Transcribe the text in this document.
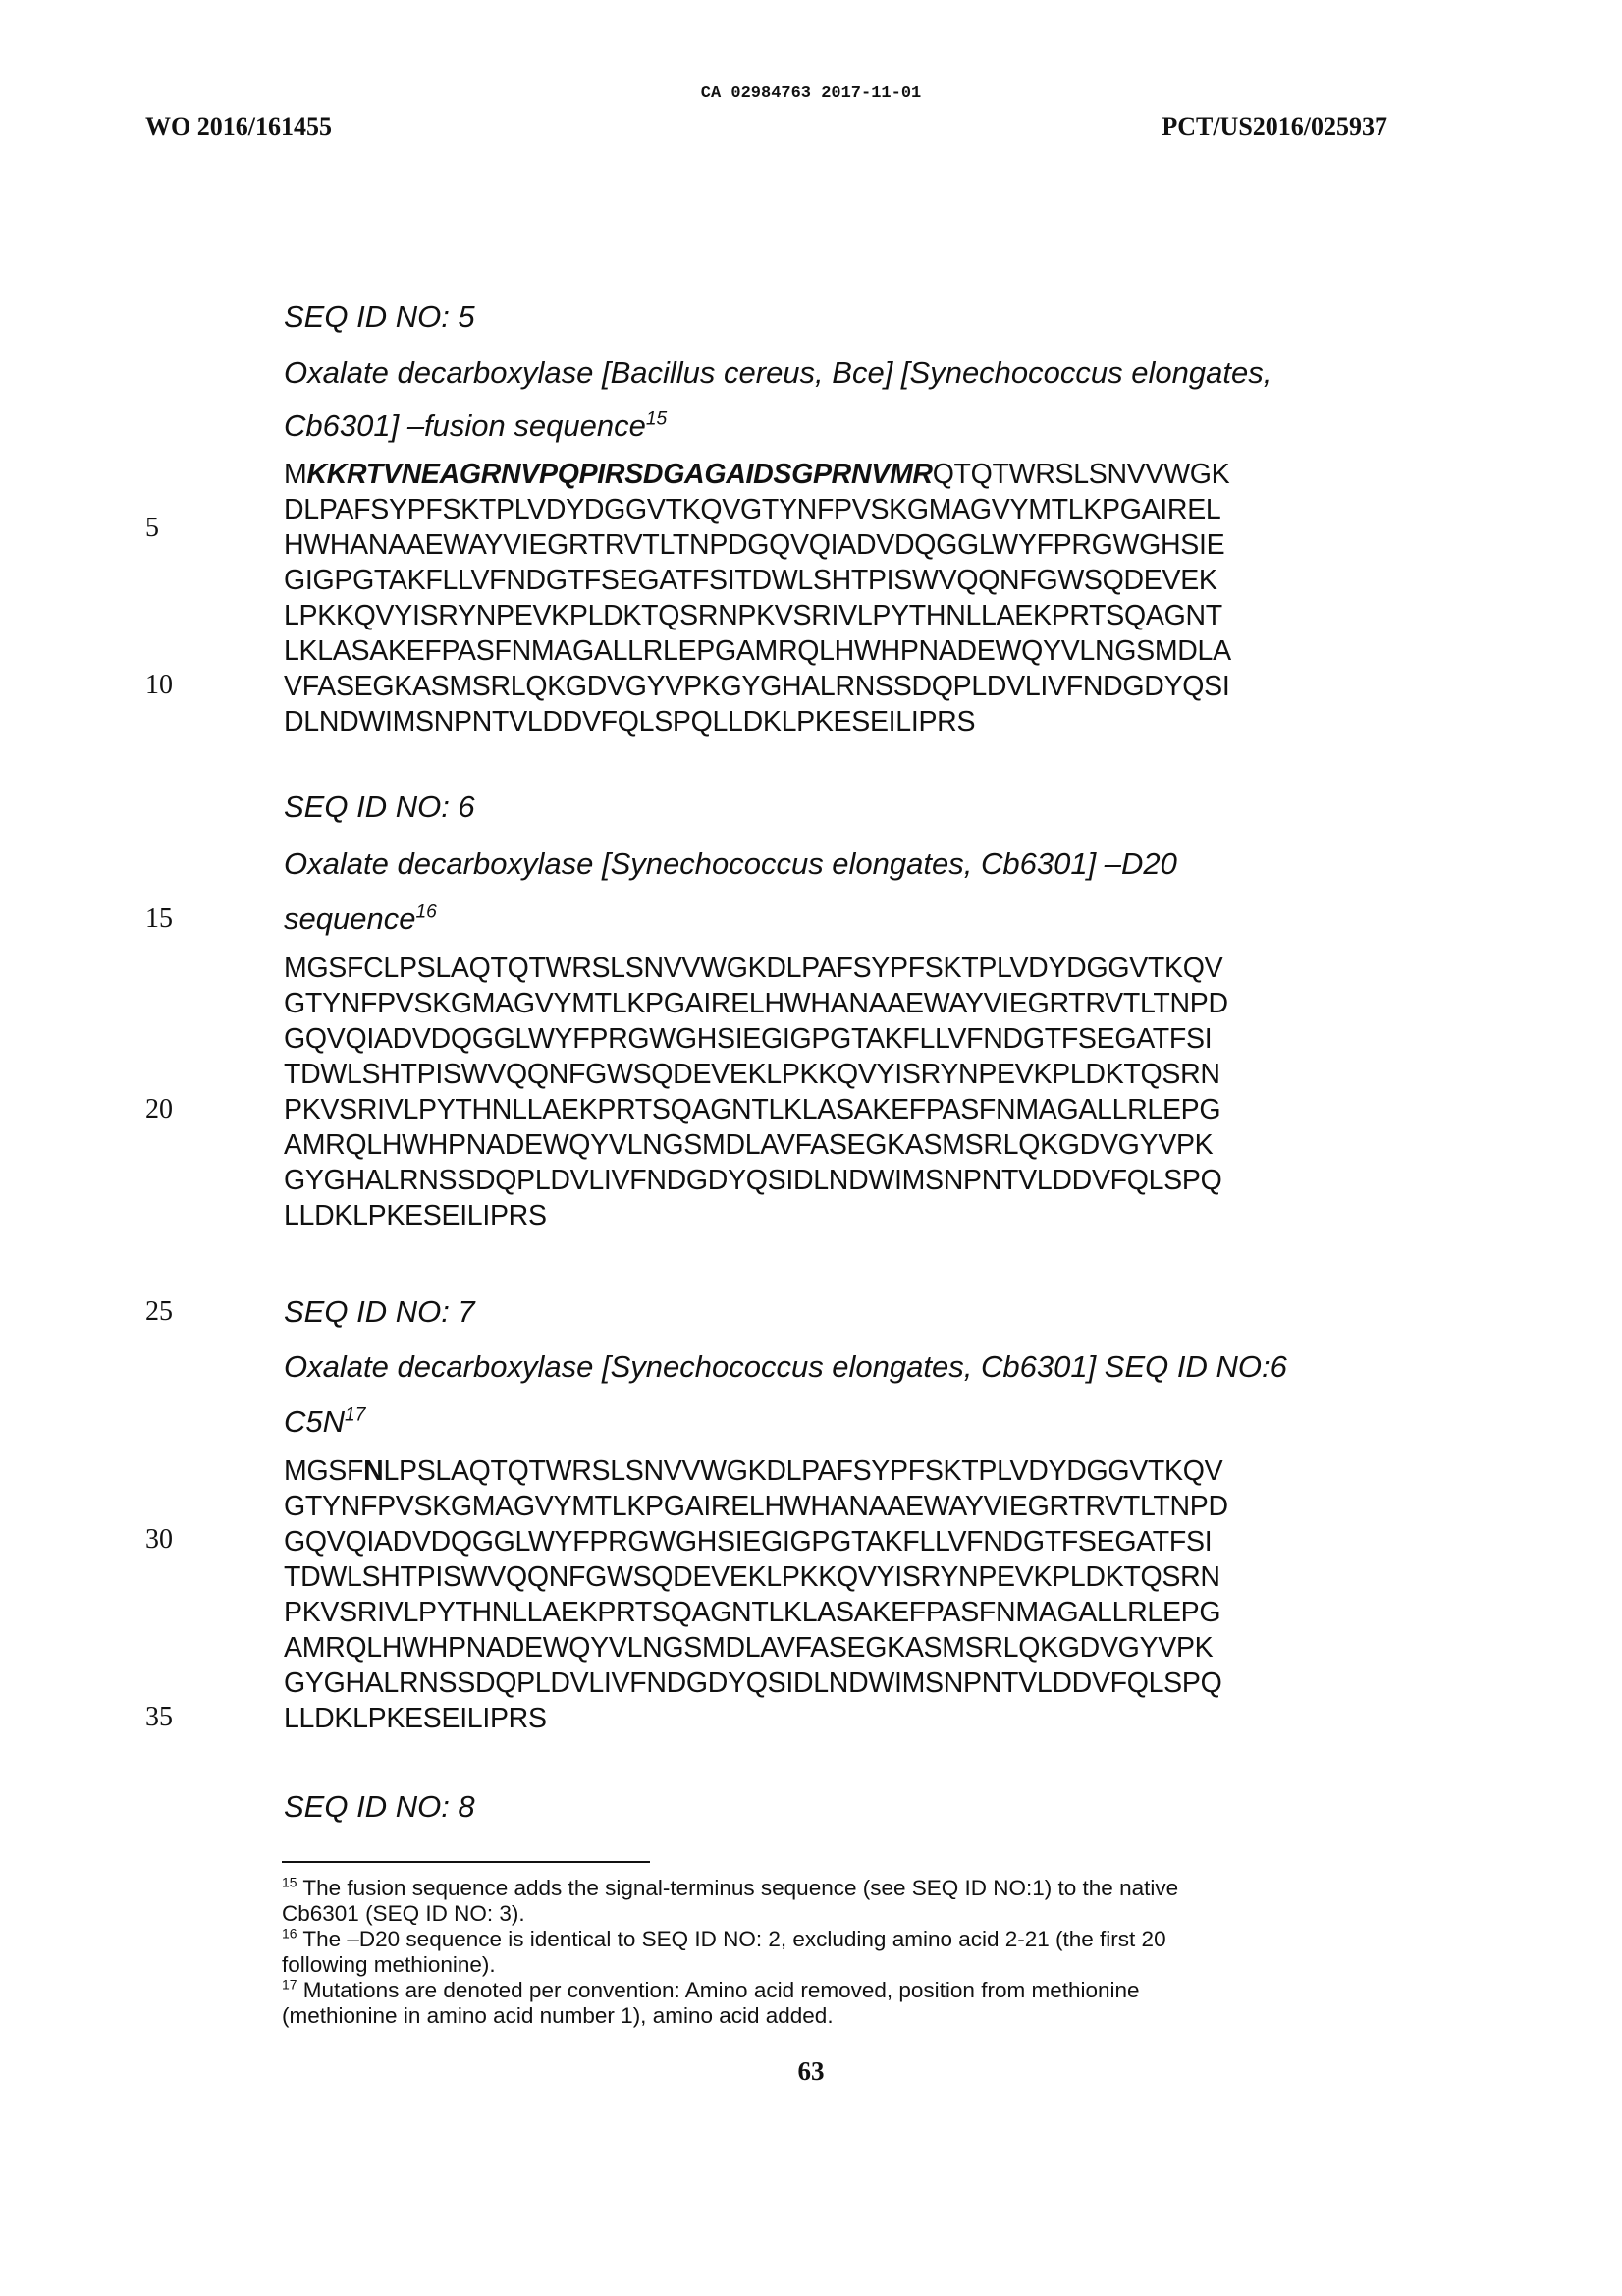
CA 02984763 2017-11-01
WO 2016/161455	PCT/US2016/025937
5
10
15
20
25
30
35
SEQ ID NO: 5
Oxalate decarboxylase [Bacillus cereus, Bce] [Synechococcus elongates,
Cb6301] –fusion sequence$^{15}$
MKKRTVNEAGRNVPQPIRSDGAGAIDSGPRNVMRQTQTWRSLSNVVWGK
DLPAFSYPFSKTPLVDYDGGVTKQVGTYNFPVSKGMAGVYMTLKPGAIREL
HWHANAAEWAYVIEGRTRVTLTNPDGQVQIADVDQGGLWYFPRGWGHSIE
GIGPGTAKFLLVFNDGTFSEGATFSITDWLSHTPISWVQQNFGWSQDEVEK
LPKKQVYISRYNPEVKPLDKTQSRNPKVSRIVLPYTHNLLAEKPRTSQAGNT
LKLASAKEFPASFNMAGALLRLEPGAMRQLHWHPNADEWQYVLNGSMDLA
VFASEGKASMSRLQKGDVGYVPKGYGHALRNSSDQPLDVLIVFNDGDYQSI
DLNDWIMSNPNTVLDDVFQLSPQLLDKLPKESEILIPRS
SEQ ID NO: 6
Oxalate decarboxylase [Synechococcus elongates, Cb6301] –D20
sequence$^{16}$
MGSFCLPSLAQTQTWRSLSNVVWGKDLPAFSYPFSKTPLVDYDGGVTKQV
GTYNFPVSKGMAGVYMTLKPGAIRELHWHANAAEWAYVIEGRTRVTLTNPD
GQVQIADVDQGGLWYFPRGWGHSIEGIGPGTAKFLLVFNDGTFSEGATFSI
TDWLSHTPISWVQQNFGWSQDEVEKLPKKQVYISRYNPEVKPLDKTQSRN
PKVSRIVLPYTHNLLAEKPRTSQAGNTLKLASAKEFPASFNMAGALLRLEPG
AMRQLHWHPNADEWQYVLNGSMDLAVFASEGKASMSRLQKGDVGYVPK
GYGHALRNSSDQPLDVLIVFNDGDYQSIDLNDWIMSNPNTVLDDVFQLSPQ
LLDKLPKESEILIPRS
SEQ ID NO: 7
Oxalate decarboxylase [Synechococcus elongates, Cb6301] SEQ ID NO:6
$C5N^{17}$
MGSFNLPSLAQTQTWRSLSNVVWGKDLPAFSYPFSKTPLVDYDGGVTKQV
GTYNFPVSKGMAGVYMTLKPGAIRELHWHANAAEWAYVIEGRTRVTLTNPD
GQVQIADVDQGGLWYFPRGWGHSIEGIGPGTAKFLLVFNDGTFSEGATFSI
TDWLSHTPISWVQQNFGWSQDEVEKLPKKQVYISRYNPEVKPLDKTQSRN
PKVSRIVLPYTHNLLAEKPRTSQAGNTLKLASAKEFPASFNMAGALLRLEPG
AMRQLHWHPNADEWQYVLNGSMDLAVFASEGKASMSRLQKGDVGYVPK
GYGHALRNSSDQPLDVLIVFNDGDYQSIDLNDWIMSNPNTVLDDVFQLSPQ
LLDKLPKESEILIPRS
SEQ ID NO: 8
$^{15}$ The fusion sequence adds the signal-terminus sequence (see SEQ ID NO:1) to the native
Cb6301 (SEQ ID NO: 3).
$^{16}$ The –D20 sequence is identical to SEQ ID NO: 2, excluding amino acid 2-21 (the first 20
following methionine).
$^{17}$ Mutations are denoted per convention: Amino acid removed, position from methionine
(methionine in amino acid number 1), amino acid added.
63
